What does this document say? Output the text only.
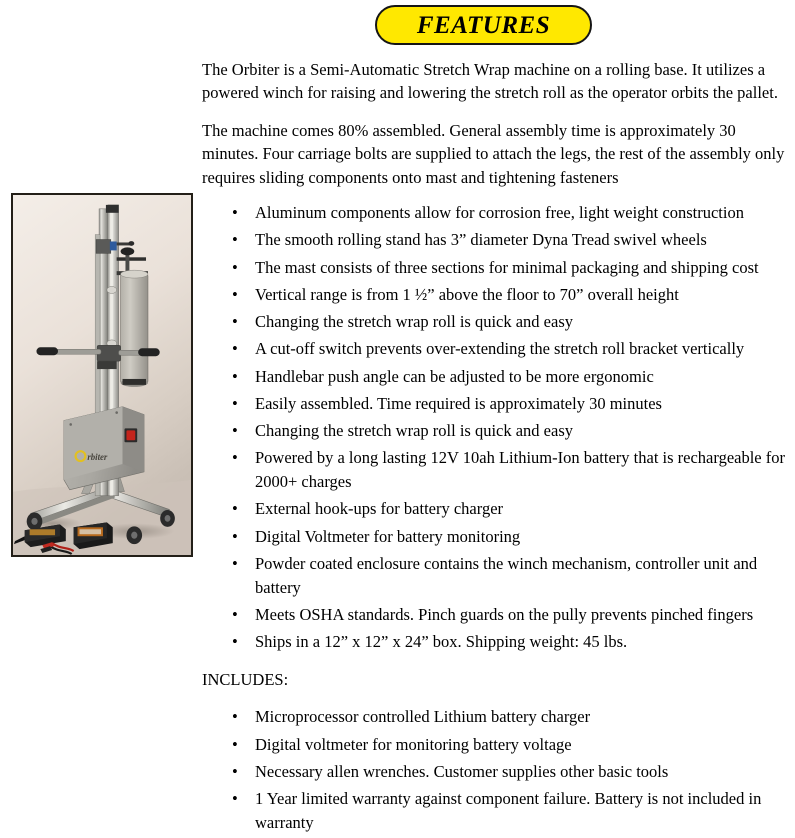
FEATURES
rbiter

The Orbiter is a Semi-Automatic Stretch Wrap machine on a rolling base. It utilizes a powered winch for raising and lowering the stretch roll as the operator orbits the pallet.

The machine comes 80% assembled. General assembly time is approximately 30 minutes. Four carriage bolts are supplied to attach the legs, the rest of the assembly only requires sliding components onto mast and tightening fasteners

• Aluminum components allow for corrosion free, light weight construction
• The smooth rolling stand has 3” diameter Dyna Tread swivel wheels
• The mast consists of three sections for minimal packaging and shipping cost
• Vertical range is from 1 ½” above the floor to 70” overall height
• Changing the stretch wrap roll is quick and easy
• A cut-off switch prevents over-extending the stretch roll bracket vertically
• Handlebar push angle can be adjusted to be more ergonomic
• Easily assembled. Time required is approximately 30 minutes
• Changing the stretch wrap roll is quick and easy
• Powered by a long lasting 12V 10ah Lithium-Ion battery that is rechargeable for 2000+ charges
• External hook-ups for battery charger
• Digital Voltmeter for battery monitoring
• Powder coated enclosure contains the winch mechanism, controller unit and battery
• Meets OSHA standards. Pinch guards on the pully prevents pinched fingers
• Ships in a 12” x 12” x 24” box. Shipping weight: 45 lbs.
INCLUDES:
• Microprocessor controlled Lithium battery charger
• Digital voltmeter for monitoring battery voltage
• Necessary allen wrenches. Customer supplies other basic tools
• 1 Year limited warranty against component failure. Battery is not included in warranty
